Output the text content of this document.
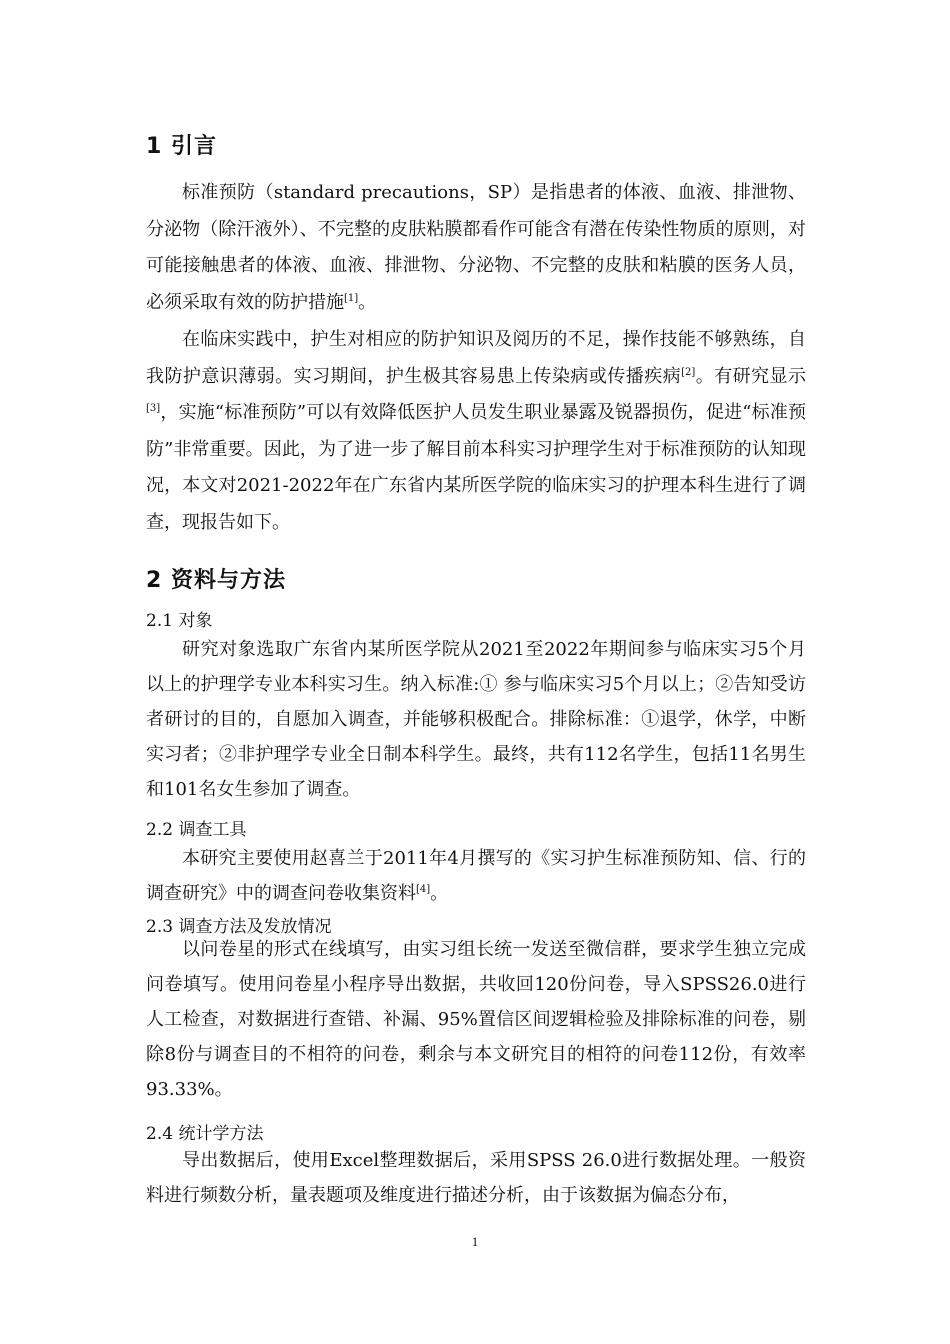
1 引言
标准预防（standard precautions，SP）是指患者的体液、血液、排泄物、分泌物（除汗液外）、不完整的皮肤粘膜都看作可能含有潜在传染性物质的原则，对可能接触患者的体液、血液、排泄物、分泌物、不完整的皮肤和粘膜的医务人员，必须采取有效的防护措施[1]。
在临床实践中，护生对相应的防护知识及阅历的不足，操作技能不够熟练，自我防护意识薄弱。实习期间，护生极其容易患上传染病或传播疾病[2]。有研究显示[3]，实施“标准预防”可以有效降低医护人员发生职业暴露及锐器损伤，促进“标准预防”非常重要。因此，为了进一步了解目前本科实习护理学生对于标准预防的认知现况，本文对2021-2022年在广东省内某所医学院的临床实习的护理本科生进行了调查，现报告如下。
2 资料与方法
2.1 对象
研究对象选取广东省内某所医学院从2021至2022年期间参与临床实习5个月以上的护理学专业本科实习生。纳入标准:① 参与临床实习5个月以上；②告知受访者研讨的目的，自愿加入调查，并能够积极配合。排除标准：①退学，休学，中断实习者；②非护理学专业全日制本科学生。最终，共有112名学生，包括11名男生和101名女生参加了调查。
2.2 调查工具
本研究主要使用赵喜兰于2011年4月撰写的《实习护生标准预防知、信、行的调查研究》中的调查问卷收集资料[4]。
2.3 调查方法及发放情况
以问卷星的形式在线填写，由实习组长统一发送至微信群，要求学生独立完成问卷填写。使用问卷星小程序导出数据，共收回120份问卷，导入SPSS26.0进行人工检查，对数据进行查错、补漏、95%置信区间逻辑检验及排除标准的问卷，剔除8份与调查目的不相符的问卷，剩余与本文研究目的相符的问卷112份，有效率93.33%。
2.4 统计学方法
导出数据后，使用Excel整理数据后，采用SPSS 26.0进行数据处理。一般资料进行频数分析，量表题项及维度进行描述分析，由于该数据为偏态分布，
1
